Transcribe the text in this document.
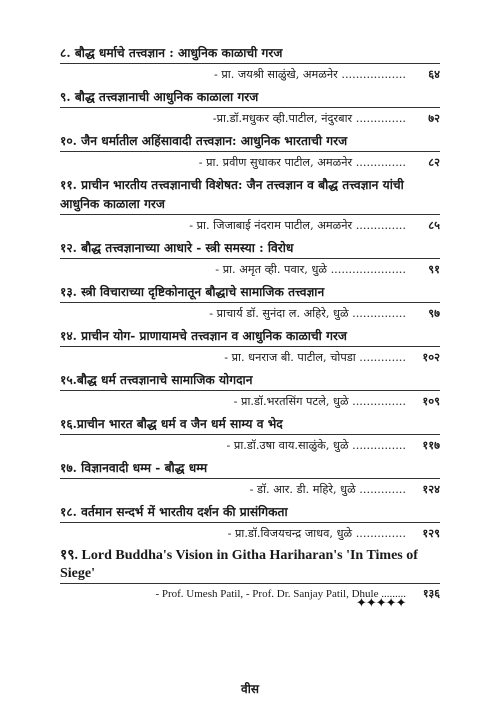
८. बौद्ध धर्माचे तत्त्वज्ञान : आधुनिक काळाची गरज
- प्रा. जयश्री साळुंखे, अमळनेर ..................	६४
९. बौद्ध तत्त्वज्ञानाची आधुनिक काळाला गरज
-प्रा.डॉ.मधुकर व्ही.पाटील, नंदुरबार ..............	७२
१०. जैन धर्मातील अहिंसावादी तत्त्वज्ञान: आधुनिक भारताची गरज
- प्रा. प्रवीण सुधाकर पाटील, अमळनेर ..............	८२
११. प्राचीन भारतीय तत्त्वज्ञानाची विशेषत: जैन तत्त्वज्ञान व बौद्ध तत्त्वज्ञान यांची आधुनिक काळाला गरज
- प्रा. जिजाबाई नंदराम पाटील, अमळनेर ..............	८५
१२. बौद्ध तत्त्वज्ञानाच्या आधारे - स्त्री समस्या : विरोध
- प्रा. अमृत व्ही. पवार, धुळे .....................	९१
१३. स्त्री विचाराच्या दृष्टिकोनातून बौद्धाचे सामाजिक तत्त्वज्ञान
- प्राचार्य डॉ. सुनंदा ल. अहिरे, धुळे ...............	९७
१४. प्राचीन योग- प्राणायामचे तत्त्वज्ञान व आधुनिक काळाची गरज
- प्रा. धनराज बी. पाटील, चोपडा .............	१०२
१५.बौद्ध धर्म तत्त्वज्ञानाचे सामाजिक योगदान
- प्रा.डॉ.भरतसिंग पटले, धुळे ...............	१०९
१६.प्राचीन भारत बौद्ध धर्म व जैन धर्म साम्य व भेद
- प्रा.डॉ.उषा वाय.साळुंके, धुळे ...............	११७
१७. विज्ञानवादी धम्म - बौद्ध धम्म
- डॉ. आर. डी. महिरे, धुळे .............	१२४
१८. वर्तमान सन्दर्भ में भारतीय दर्शन की प्रासंगिकता
- प्रा.डॉ.विजयचन्द्र जाधव, धुळे ..............	१२९
१९. Lord Buddha's Vision in Githa Hariharan's 'In Times of Siege'
- Prof. Umesh Patil, - Prof. Dr. Sanjay Patil, Dhule .........	१३६
✦✦✦✦✦
वीस
